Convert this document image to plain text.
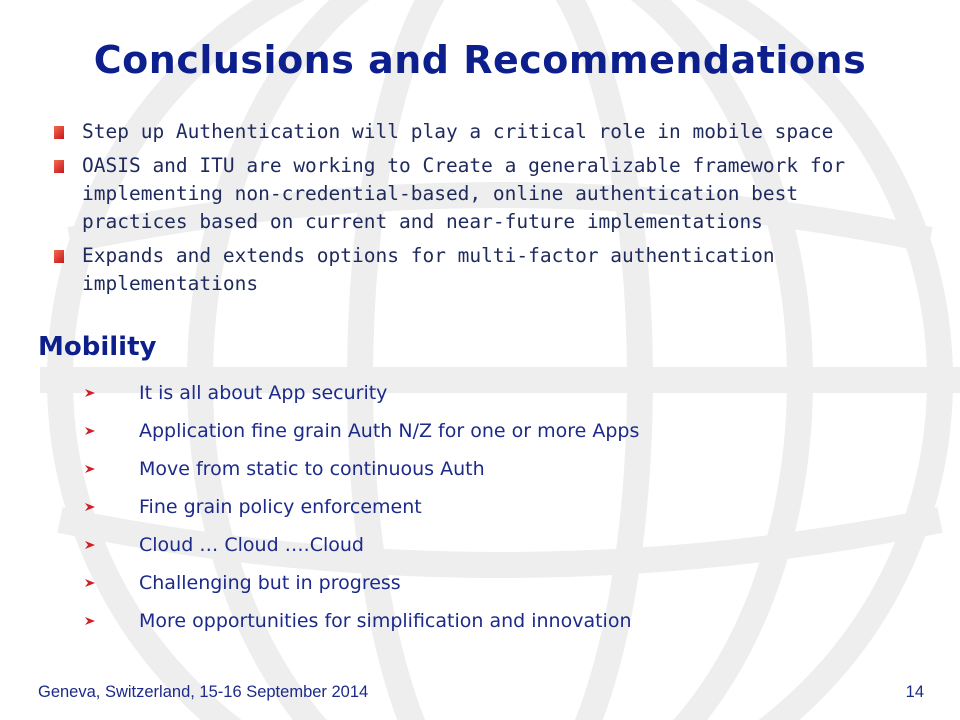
Conclusions and Recommendations
Step up Authentication will play a critical role in mobile space
OASIS and ITU are working to Create a generalizable framework for implementing non-credential-based, online authentication best practices based on current and near-future implementations
Expands and extends options for multi-factor authentication implementations
Mobility
It is all about App security
Application fine grain Auth N/Z for one or more Apps
Move from static to continuous Auth
Fine grain policy enforcement
Cloud … Cloud ….Cloud
Challenging but in progress
More opportunities for simplification and innovation
Geneva, Switzerland, 15-16 September 2014	14
